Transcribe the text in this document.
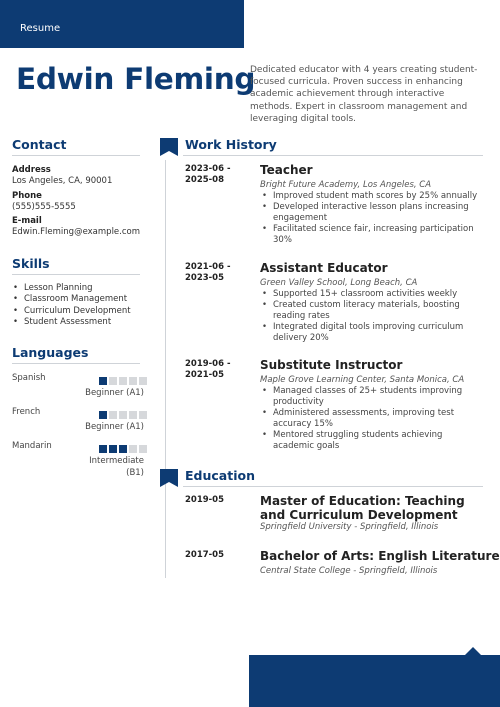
Resume
Edwin Fleming
Dedicated educator with 4 years creating student-focused curricula. Proven success in enhancing academic achievement through interactive methods. Expert in classroom management and leveraging digital tools.
Contact
Address
Los Angeles, CA, 90001
Phone
(555)555-5555
E-mail
Edwin.Fleming@example.com
Skills
• Lesson Planning
• Classroom Management
• Curriculum Development
• Student Assessment
Languages
Spanish
Beginner (A1)
French
Beginner (A1)
Mandarin
Intermediate
(B1)
Work History
2023-06 -
2025-08
Teacher
Bright Future Academy, Los Angeles, CA
• Improved student math scores by 25% annually
• Developed interactive lesson plans increasing engagement
• Facilitated science fair, increasing participation 30%
2021-06 -
2023-05
Assistant Educator
Green Valley School, Long Beach, CA
• Supported 15+ classroom activities weekly
• Created custom literacy materials, boosting reading rates
• Integrated digital tools improving curriculum delivery 20%
2019-06 -
2021-05
Substitute Instructor
Maple Grove Learning Center, Santa Monica, CA
• Managed classes of 25+ students improving productivity
• Administered assessments, improving test accuracy 15%
• Mentored struggling students achieving academic goals
Education
2019-05	Master of Education: Teaching and Curriculum Development
Springfield University - Springfield, Illinois
2017-05	Bachelor of Arts: English Literature
Central State College - Springfield, Illinois
